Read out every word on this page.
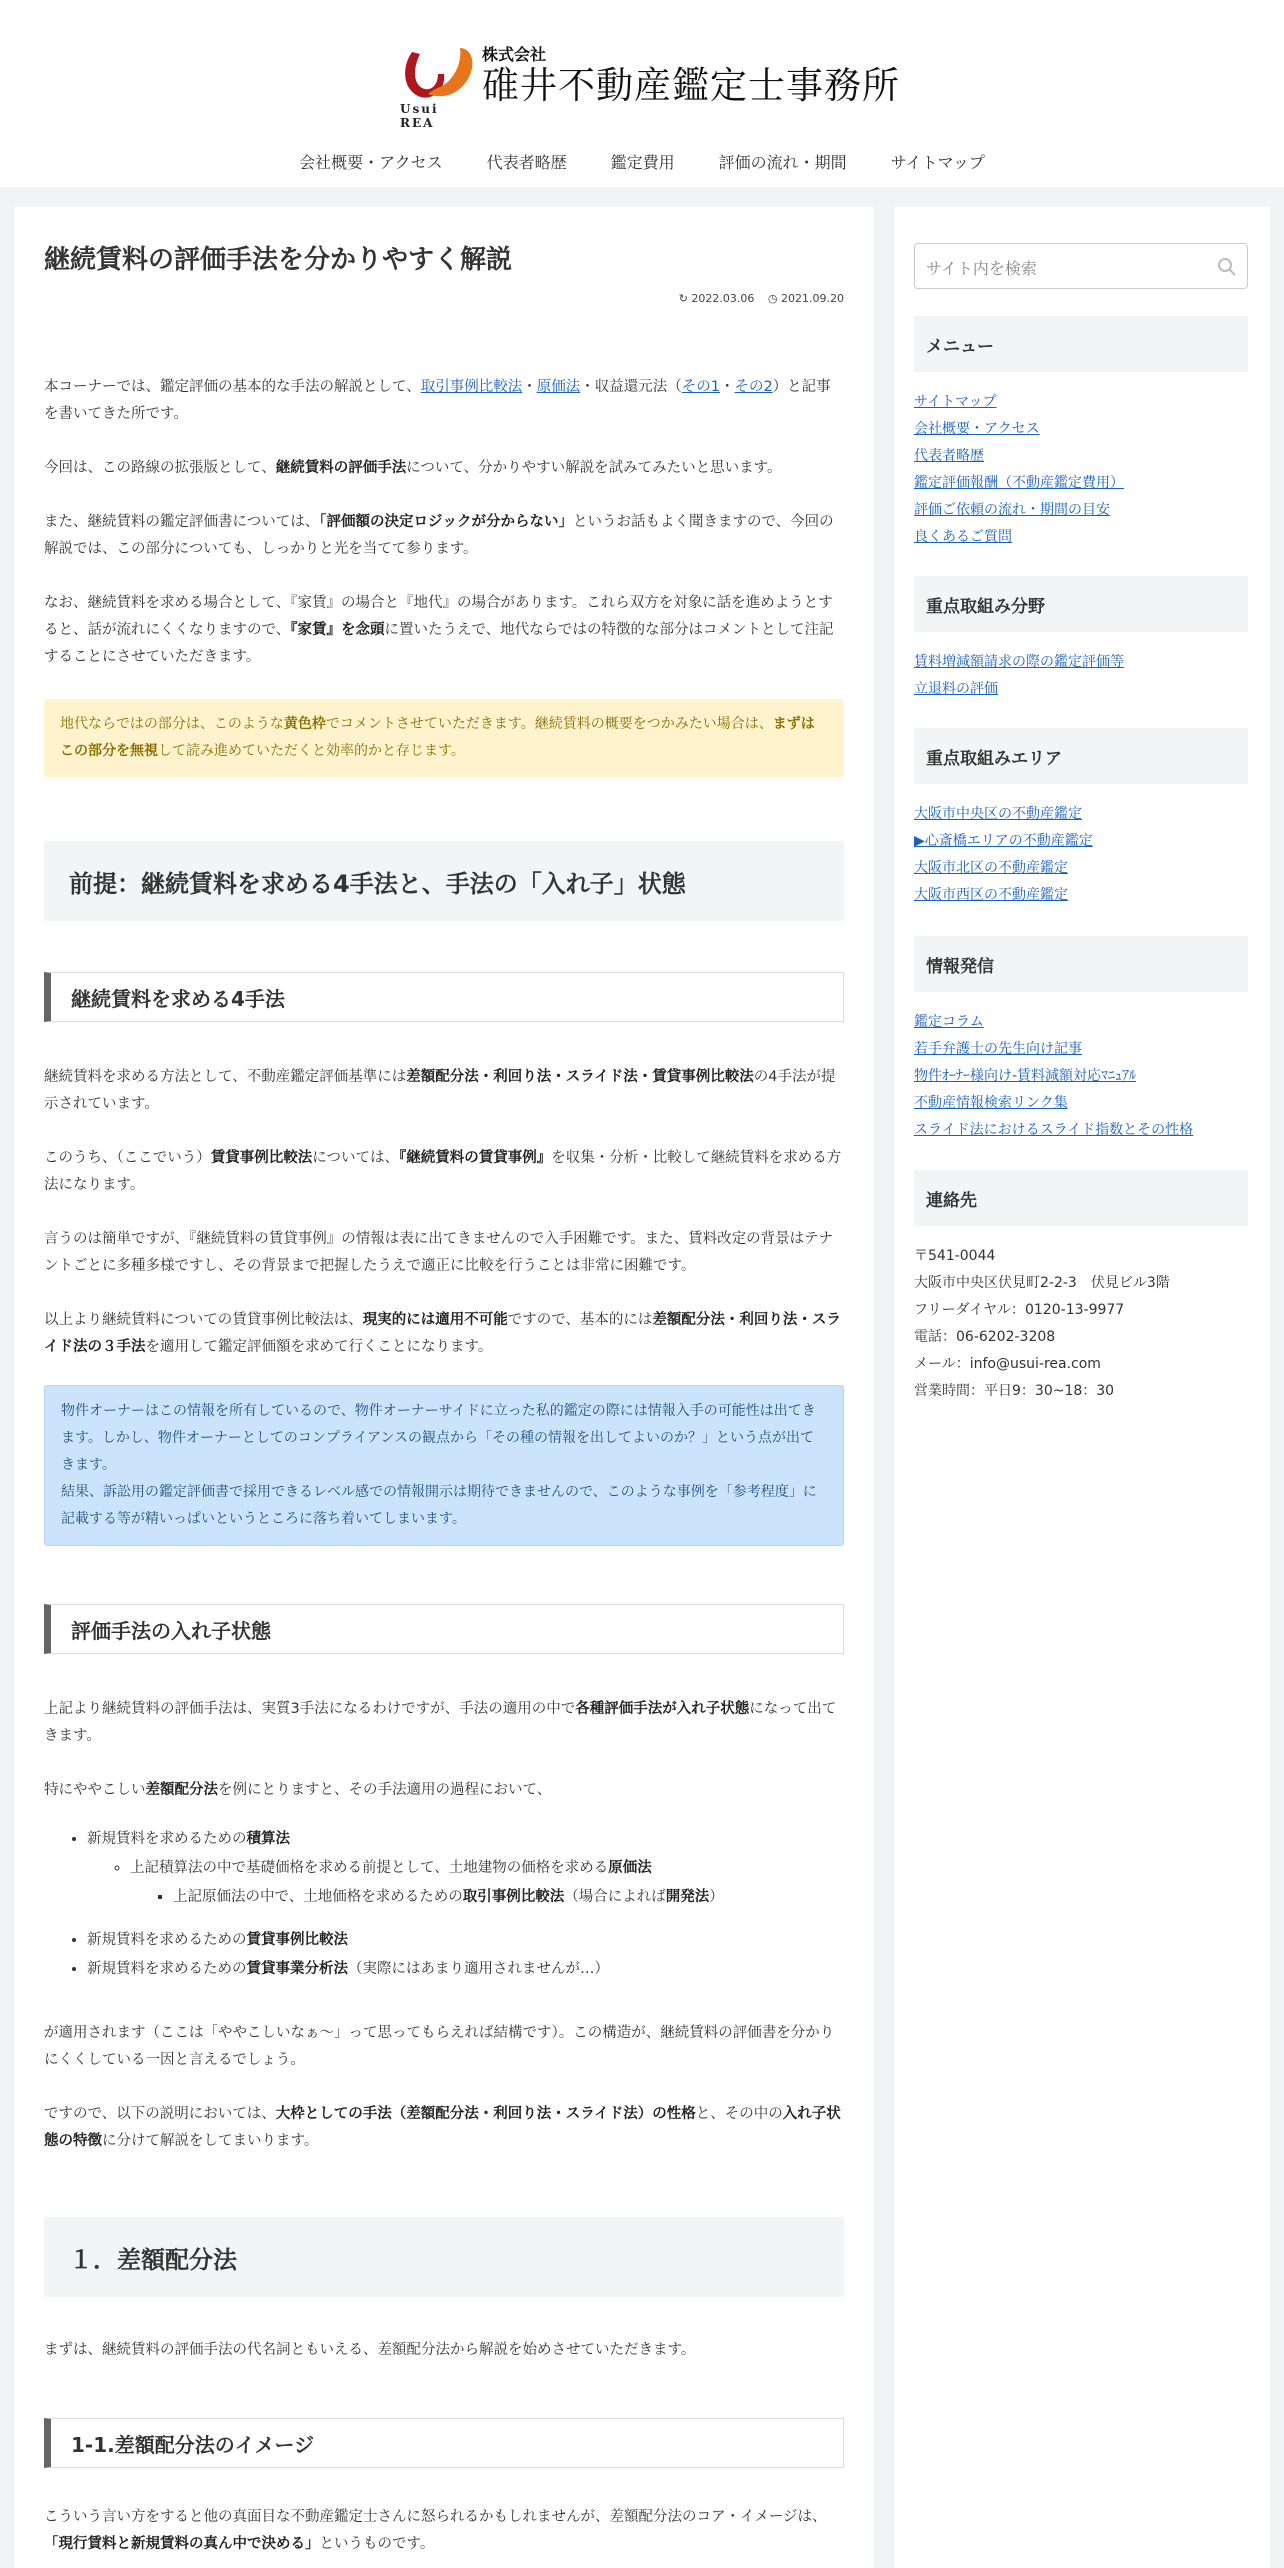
Usui REA
株式会社
碓井不動産鑑定士事務所
会社概要・アクセス	代表者略歴	鑑定費用	評価の流れ・期間	サイトマップ
継続賃料の評価手法を分かりやすく解説
↻ 2022.03.06 ◷ 2021.09.20

本コーナーでは、鑑定評価の基本的な手法の解説として、取引事例比較法・原価法・収益還元法（その1・その2）と記事を書いてきた所です。

今回は、この路線の拡張版として、継続賃料の評価手法について、分かりやすい解説を試みてみたいと思います。

また、継続賃料の鑑定評価書については、「評価額の決定ロジックが分からない」というお話もよく聞きますので、今回の解説では、この部分についても、しっかりと光を当てて参ります。

なお、継続賃料を求める場合として、『家賃』の場合と『地代』の場合があります。これら双方を対象に話を進めようとすると、話が流れにくくなりますので、『家賃』を念頭に置いたうえで、地代ならではの特徴的な部分はコメントとして注記することにさせていただきます。

地代ならではの部分は、このような黄色枠でコメントさせていただきます。継続賃料の概要をつかみたい場合は、まずはこの部分を無視して読み進めていただくと効率的かと存じます。
前提：継続賃料を求める4手法と、手法の「入れ子」状態
継続賃料を求める4手法

継続賃料を求める方法として、不動産鑑定評価基準には差額配分法・利回り法・スライド法・賃貸事例比較法の4手法が提示されています。

このうち、（ここでいう）賃貸事例比較法については、『継続賃料の賃貸事例』を収集・分析・比較して継続賃料を求める方法になります。

言うのは簡単ですが、『継続賃料の賃貸事例』の情報は表に出てきませんので入手困難です。また、賃料改定の背景はテナントごとに多種多様ですし、その背景まで把握したうえで適正に比較を行うことは非常に困難です。

以上より継続賃料についての賃貸事例比較法は、現実的には適用不可能ですので、基本的には差額配分法・利回り法・スライド法の３手法を適用して鑑定評価額を求めて行くことになります。

物件オーナーはこの情報を所有しているので、物件オーナーサイドに立った私的鑑定の際には情報入手の可能性は出てきます。しかし、物件オーナーとしてのコンプライアンスの観点から「その種の情報を出してよいのか？」という点が出てきます。
結果、訴訟用の鑑定評価書で採用できるレベル感での情報開示は期待できませんので、このような事例を「参考程度」に記載する等が精いっぱいというところに落ち着いてしまいます。
評価手法の入れ子状態

上記より継続賃料の評価手法は、実質3手法になるわけですが、手法の適用の中で各種評価手法が入れ子状態になって出てきます。

特にややこしい差額配分法を例にとりますと、その手法適用の過程において、

• 新規賃料を求めるための積算法
◦ 上記積算法の中で基礎価格を求める前提として、土地建物の価格を求める原価法
▪ 上記原価法の中で、土地価格を求めるための取引事例比較法（場合によれば開発法）
• 新規賃料を求めるための賃貸事例比較法
• 新規賃料を求めるための賃貸事業分析法（実際にはあまり適用されませんが…）

が適用されます（ここは「ややこしいなぁ～」って思ってもらえれば結構です）。この構造が、継続賃料の評価書を分かりにくくしている一因と言えるでしょう。

ですので、以下の説明においては、大枠としての手法（差額配分法・利回り法・スライド法）の性格と、その中の入れ子状態の特徴に分けて解説をしてまいります。

１．差額配分法

まずは、継続賃料の評価手法の代名詞ともいえる、差額配分法から解説を始めさせていただきます。

1-1.差額配分法のイメージ

こういう言い方をすると他の真面目な不動産鑑定士さんに怒られるかもしれませんが、差額配分法のコア・イメージは、「現行賃料と新規賃料の真ん中で決める」というものです。

サイト内を検索
メニュー
サイトマップ
会社概要・アクセス
代表者略歴
鑑定評価報酬（不動産鑑定費用）
評価ご依頼の流れ・期間の目安
良くあるご質問
重点取組み分野
賃料増減額請求の際の鑑定評価等
立退料の評価
重点取組みエリア
大阪市中央区の不動産鑑定
▶心斎橋エリアの不動産鑑定
大阪市北区の不動産鑑定
大阪市西区の不動産鑑定
情報発信
鑑定コラム
若手弁護士の先生向け記事
物件ｵｰﾅｰ様向け-賃料減額対応ﾏﾆｭｱﾙ
不動産情報検索リンク集
スライド法におけるスライド指数とその性格
連絡先
〒541-0044
大阪市中央区伏見町2-2-3　伏見ビル3階
フリーダイヤル：0120-13-9977
電話：06-6202-3208
メール：info@usui-rea.com
営業時間：平日9：30~18：30
